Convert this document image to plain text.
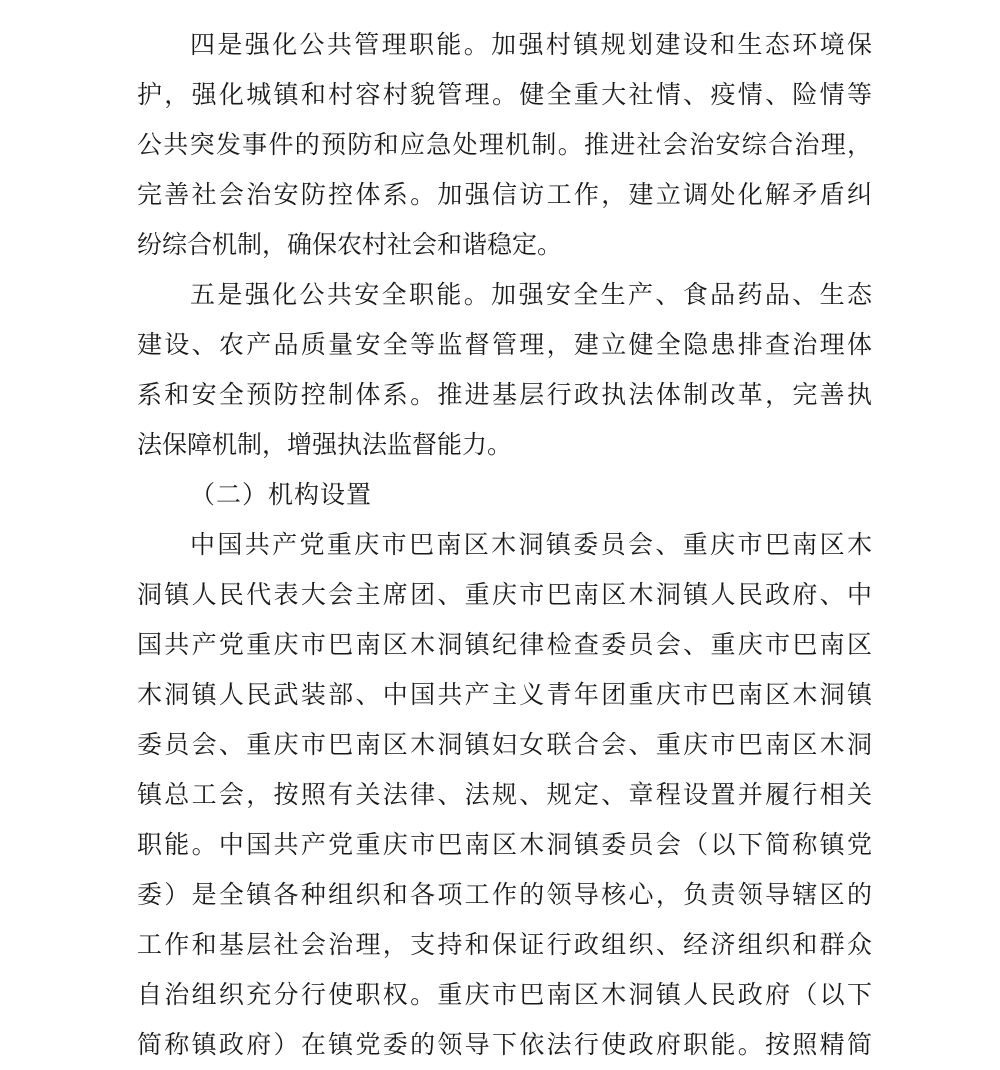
四是强化公共管理职能。加强村镇规划建设和生态环境保
护，强化城镇和村容村貌管理。健全重大社情、疫情、险情等
公共突发事件的预防和应急处理机制。推进社会治安综合治理，
完善社会治安防控体系。加强信访工作，建立调处化解矛盾纠
纷综合机制，确保农村社会和谐稳定。
五是强化公共安全职能。加强安全生产、食品药品、生态
建设、农产品质量安全等监督管理，建立健全隐患排查治理体
系和安全预防控制体系。推进基层行政执法体制改革，完善执
法保障机制，增强执法监督能力。
（二）机构设置
中国共产党重庆市巴南区木洞镇委员会、重庆市巴南区木
洞镇人民代表大会主席团、重庆市巴南区木洞镇人民政府、中
国共产党重庆市巴南区木洞镇纪律检查委员会、重庆市巴南区
木洞镇人民武装部、中国共产主义青年团重庆市巴南区木洞镇
委员会、重庆市巴南区木洞镇妇女联合会、重庆市巴南区木洞
镇总工会，按照有关法律、法规、规定、章程设置并履行相关
职能。中国共产党重庆市巴南区木洞镇委员会（以下简称镇党
委）是全镇各种组织和各项工作的领导核心，负责领导辖区的
工作和基层社会治理，支持和保证行政组织、经济组织和群众
自治组织充分行使职权。重庆市巴南区木洞镇人民政府（以下
简称镇政府）在镇党委的领导下依法行使政府职能。按照精简
